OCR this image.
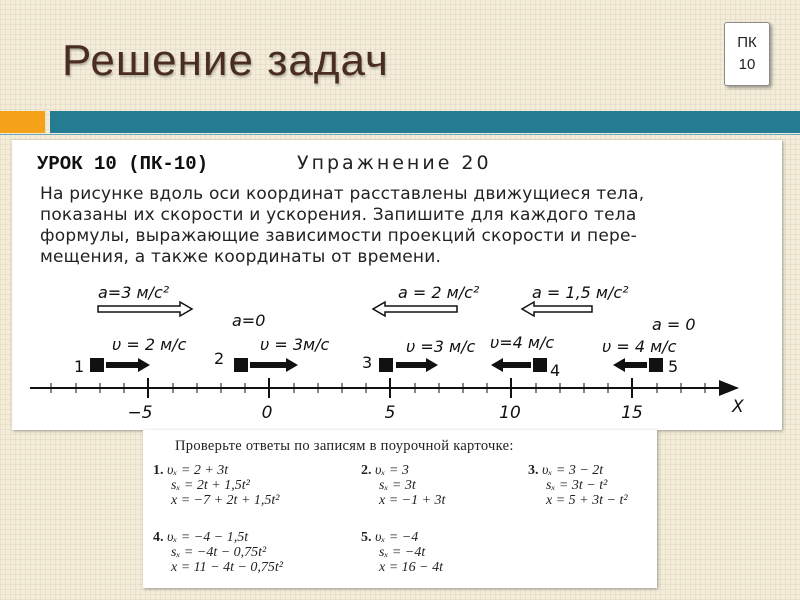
Решение задач	ПК
10
УРОК 10 (ПК-10)	Упражнение 20
На рисунке вдоль оси координат расставлены движущиеся тела,
показаны их скорости и ускорения. Запишите для каждого тела
формулы, выражающие зависимости проекций скорости и пере-
мещения, а также координаты от времени.
−5	0	5	10	15	X
1	2	3	4	5
a=3 м/с²
a=0
a = 2 м/с²	a = 1,5 м/с²
a = 0
υ = 2 м/с	υ = 3м/с	υ =3 м/с υ=4 м/с	υ = 4 м/с
Проверьте ответы по записям в поурочной карточке:
1. υₓ = 2 + 3t
sₓ = 2t + 1,5t²
x = −7 + 2t + 1,5t²
2. υₓ = 3
sₓ = 3t
x = −1 + 3t
3. υₓ = 3 − 2t
sₓ = 3t − t²
x = 5 + 3t − t²
4. υₓ = −4 − 1,5t
sₓ = −4t − 0,75t²
x = 11 − 4t − 0,75t²
5. υₓ = −4
sₓ = −4t
x = 16 − 4t
